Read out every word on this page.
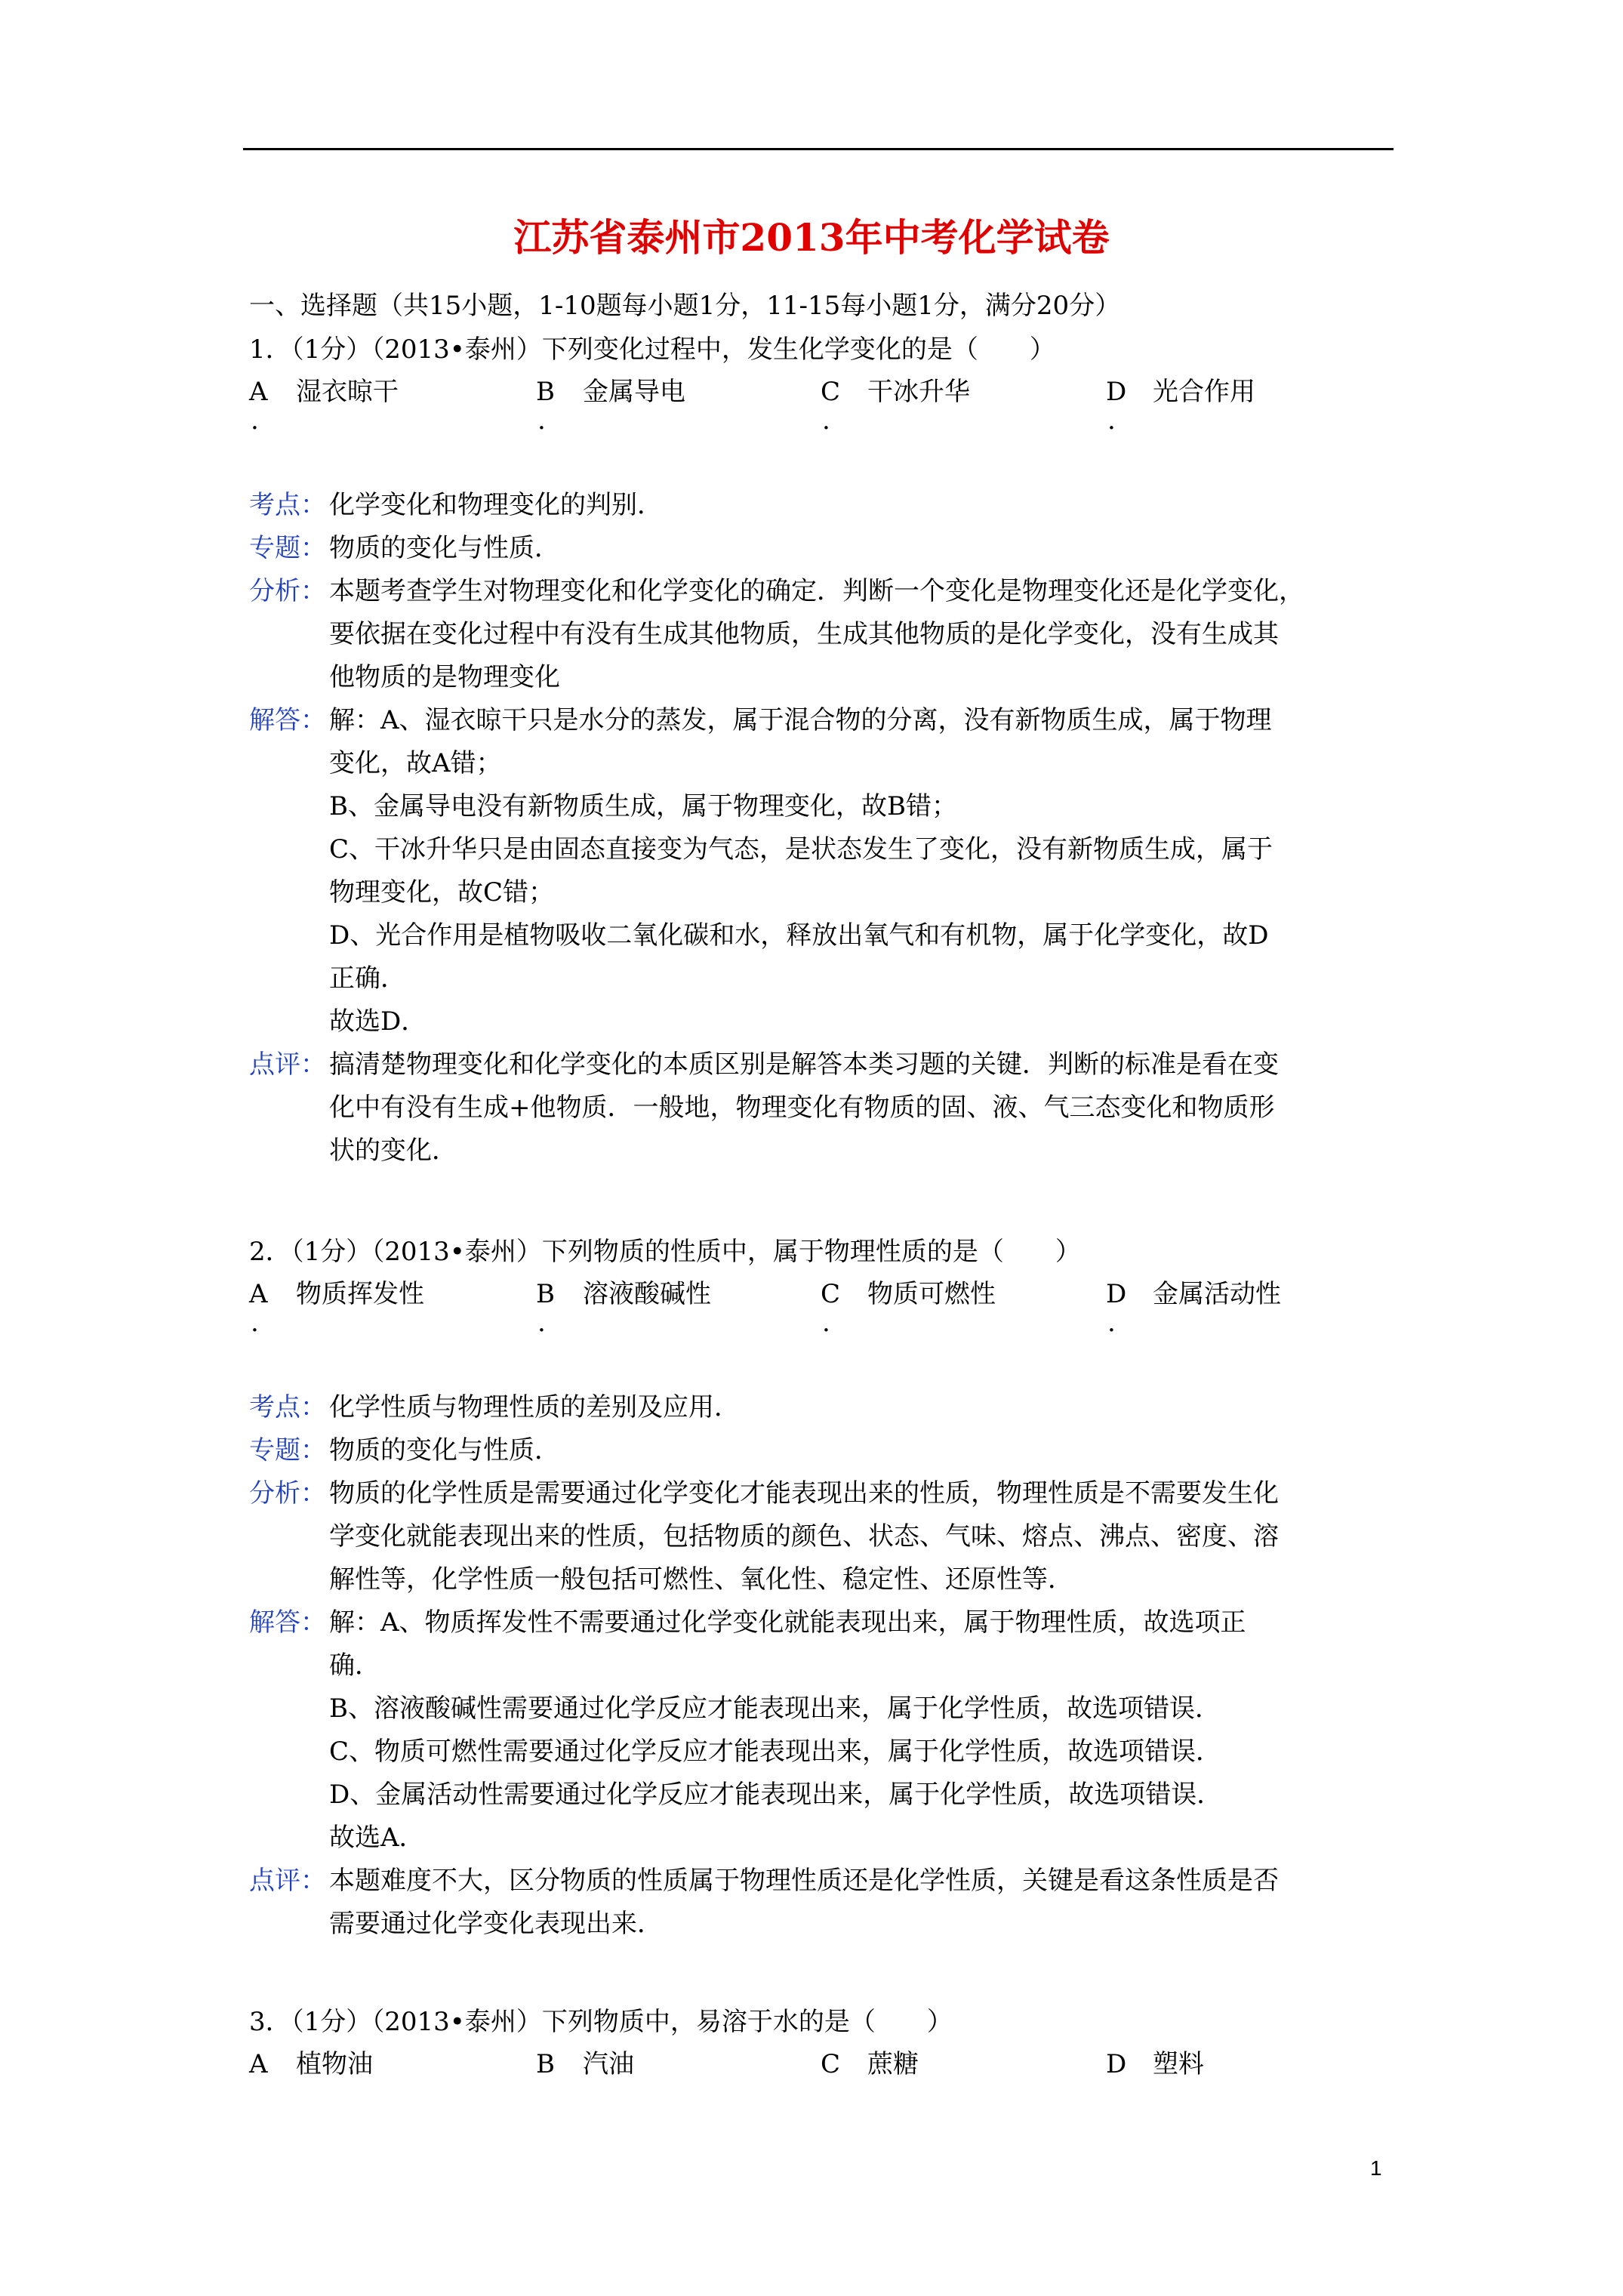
江苏省泰州市2013年中考化学试卷
一、选择题（共15小题，1-10题每小题1分，11-15每小题1分，满分20分）
1．（1分）（2013•泰州）下列变化过程中，发生化学变化的是（　　）
A 湿衣晾干
.
B 金属导电
.
C 干冰升华
.
D 光合作用
.
考点： 化学变化和物理变化的判别．

专题： 物质的变化与性质．

分析： 本题考查学生对物理变化和化学变化的确定．判断一个变化是物理变化还是化学变化，

要依据在变化过程中有没有生成其他物质，生成其他物质的是化学变化，没有生成其

他物质的是物理变化

解答： 解：A、湿衣晾干只是水分的蒸发，属于混合物的分离，没有新物质生成，属于物理

变化，故A错；

B、金属导电没有新物质生成，属于物理变化，故B错；

C、干冰升华只是由固态直接变为气态，是状态发生了变化，没有新物质生成，属于

物理变化，故C错；

D、光合作用是植物吸收二氧化碳和水，释放出氧气和有机物，属于化学变化，故D

正确．

故选D．

点评： 搞清楚物理变化和化学变化的本质区别是解答本类习题的关键．判断的标准是看在变

化中有没有生成+他物质．一般地，物理变化有物质的固、液、气三态变化和物质形

状的变化．

2．（1分）（2013•泰州）下列物质的性质中，属于物理性质的是（　　）
A 物质挥发性
.
B 溶液酸碱性
.
C 物质可燃性
.
D 金属活动性
.
考点： 化学性质与物理性质的差别及应用．

专题： 物质的变化与性质．

分析： 物质的化学性质是需要通过化学变化才能表现出来的性质，物理性质是不需要发生化

学变化就能表现出来的性质，包括物质的颜色、状态、气味、熔点、沸点、密度、溶

解性等，化学性质一般包括可燃性、氧化性、稳定性、还原性等．

解答： 解：A、物质挥发性不需要通过化学变化就能表现出来，属于物理性质，故选项正

确．

B、溶液酸碱性需要通过化学反应才能表现出来，属于化学性质，故选项错误．

C、物质可燃性需要通过化学反应才能表现出来，属于化学性质，故选项错误．

D、金属活动性需要通过化学反应才能表现出来，属于化学性质，故选项错误．

故选A．

点评： 本题难度不大，区分物质的性质属于物理性质还是化学性质，关键是看这条性质是否

需要通过化学变化表现出来．

3．（1分）（2013•泰州）下列物质中，易溶于水的是（　　）
A 植物油	B 汽油	C 蔗糖	D 塑料
1
